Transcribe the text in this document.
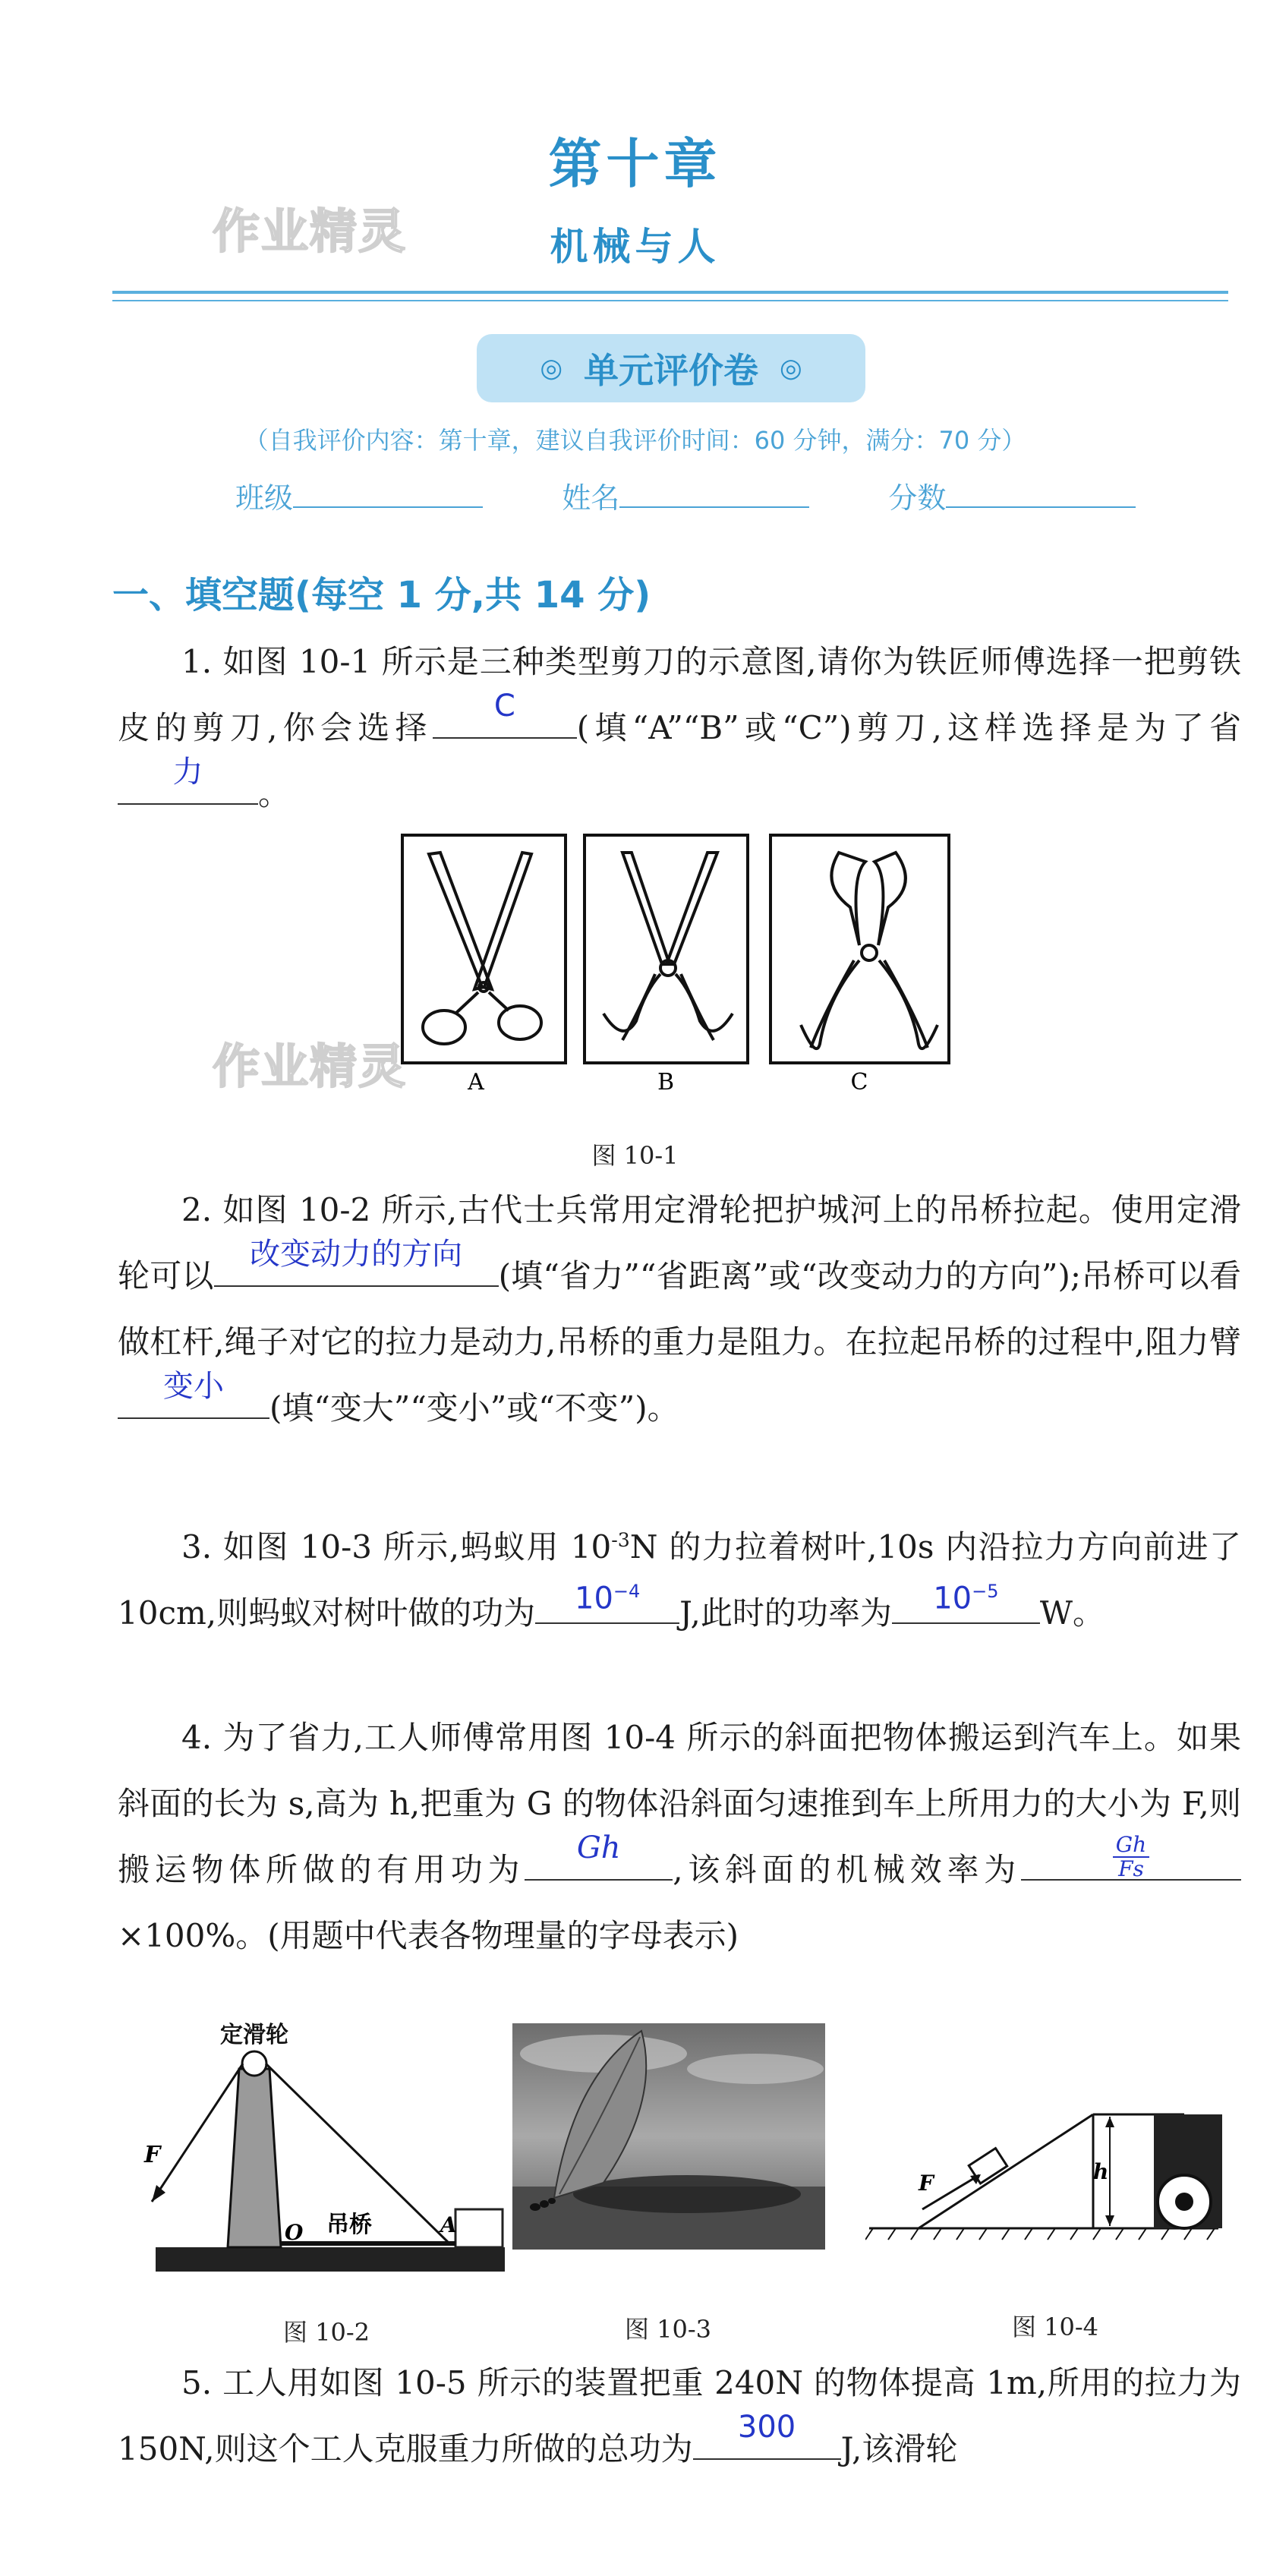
第十章
机械与人
作业精灵
◎ 单元评价卷 ◎
（自我评价内容：第十章，建议自我评价时间：60 分钟，满分：70 分）
班级	姓名	分数
一、填空题(每空 1 分,共 14 分)
1. 如图 10-1 所示是三种类型剪刀的示意图,请你为铁匠师傅选择一把剪铁皮的剪刀,你会选择
C
(填“A”“B”或“C”)剪刀,这样选择是为了省
力
。
A	B	C
作业精灵
图 10-1
2. 如图 10-2 所示,古代士兵常用定滑轮把护城河上的吊桥拉起。使用定滑轮可以
改变动力的方向
(填“省力”“省距离”或“改变动力的方向”);吊桥可以看做杠杆,绳子对它的拉力是动力,吊桥的重力是阻力。在拉起吊桥的过程中,阻力臂
变小
(填“变大”“变小”或“不变”)。
3. 如图 10-3 所示,蚂蚁用 $10^{-3}N$ 的力拉着树叶,10s 内沿拉力方向前进了 10cm,则蚂蚁对树叶做的功为	$10^{-4}$
J,此时的功率为	$10^{-5}$
W。
4. 为了省力,工人师傅常用图 10-4 所示的斜面把物体搬运到汽车上。如果斜面的长为 s,高为 h,把重为 G 的物体沿斜面匀速推到车上所用力的大小为 F,则搬运物体所做的有用功为
Gh
,该斜面的机械效率为	$\frac{Gh}{Fs}$
×100%。(用题中代表各物理量的字母表示)
定滑轮
F
O 吊桥	A
图 10-2	图 10-3
h
F
图 10-4
5. 工人用如图 10-5 所示的装置把重 240N 的物体提高 1m,所用的拉力为 150N,则这个工人克服重力所做的总功为
300
J,该滑轮
